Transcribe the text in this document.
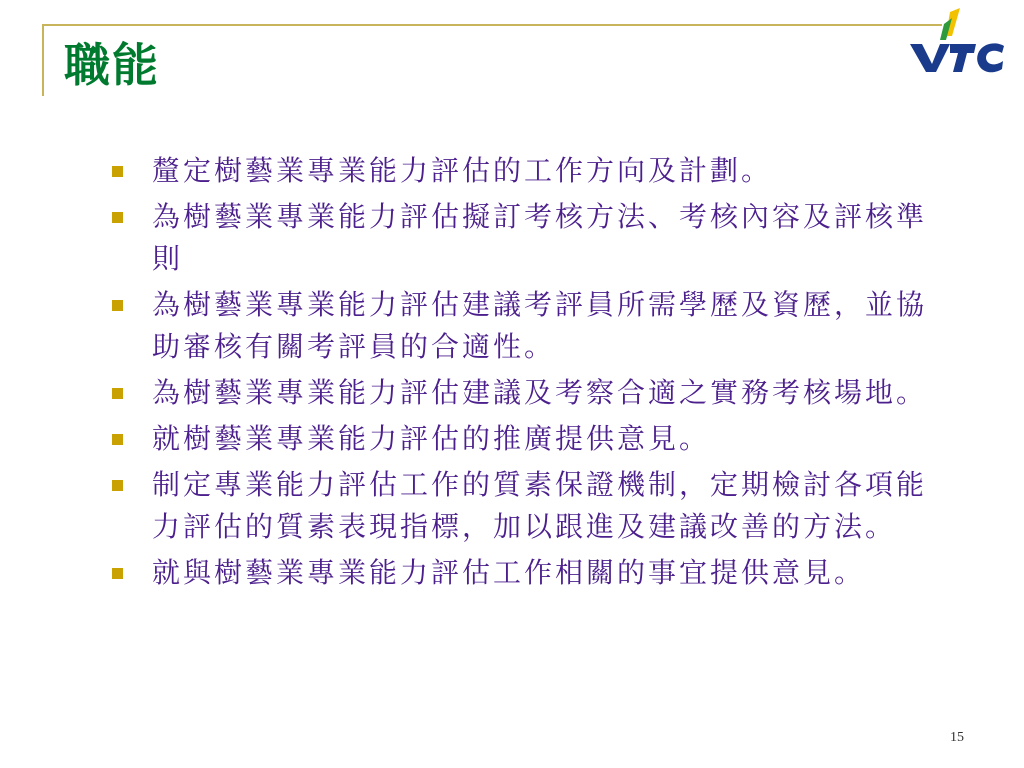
職能
釐定樹藝業專業能力評估的工作方向及計劃。
為樹藝業專業能力評估擬訂考核方法、考核內容及評核準則
為樹藝業專業能力評估建議考評員所需學歷及資歷，並協助審核有關考評員的合適性。
為樹藝業專業能力評估建議及考察合適之實務考核場地。
就樹藝業專業能力評估的推廣提供意見。
制定專業能力評估工作的質素保證機制，定期檢討各項能力評估的質素表現指標，加以跟進及建議改善的方法。
就與樹藝業專業能力評估工作相關的事宜提供意見。
15
